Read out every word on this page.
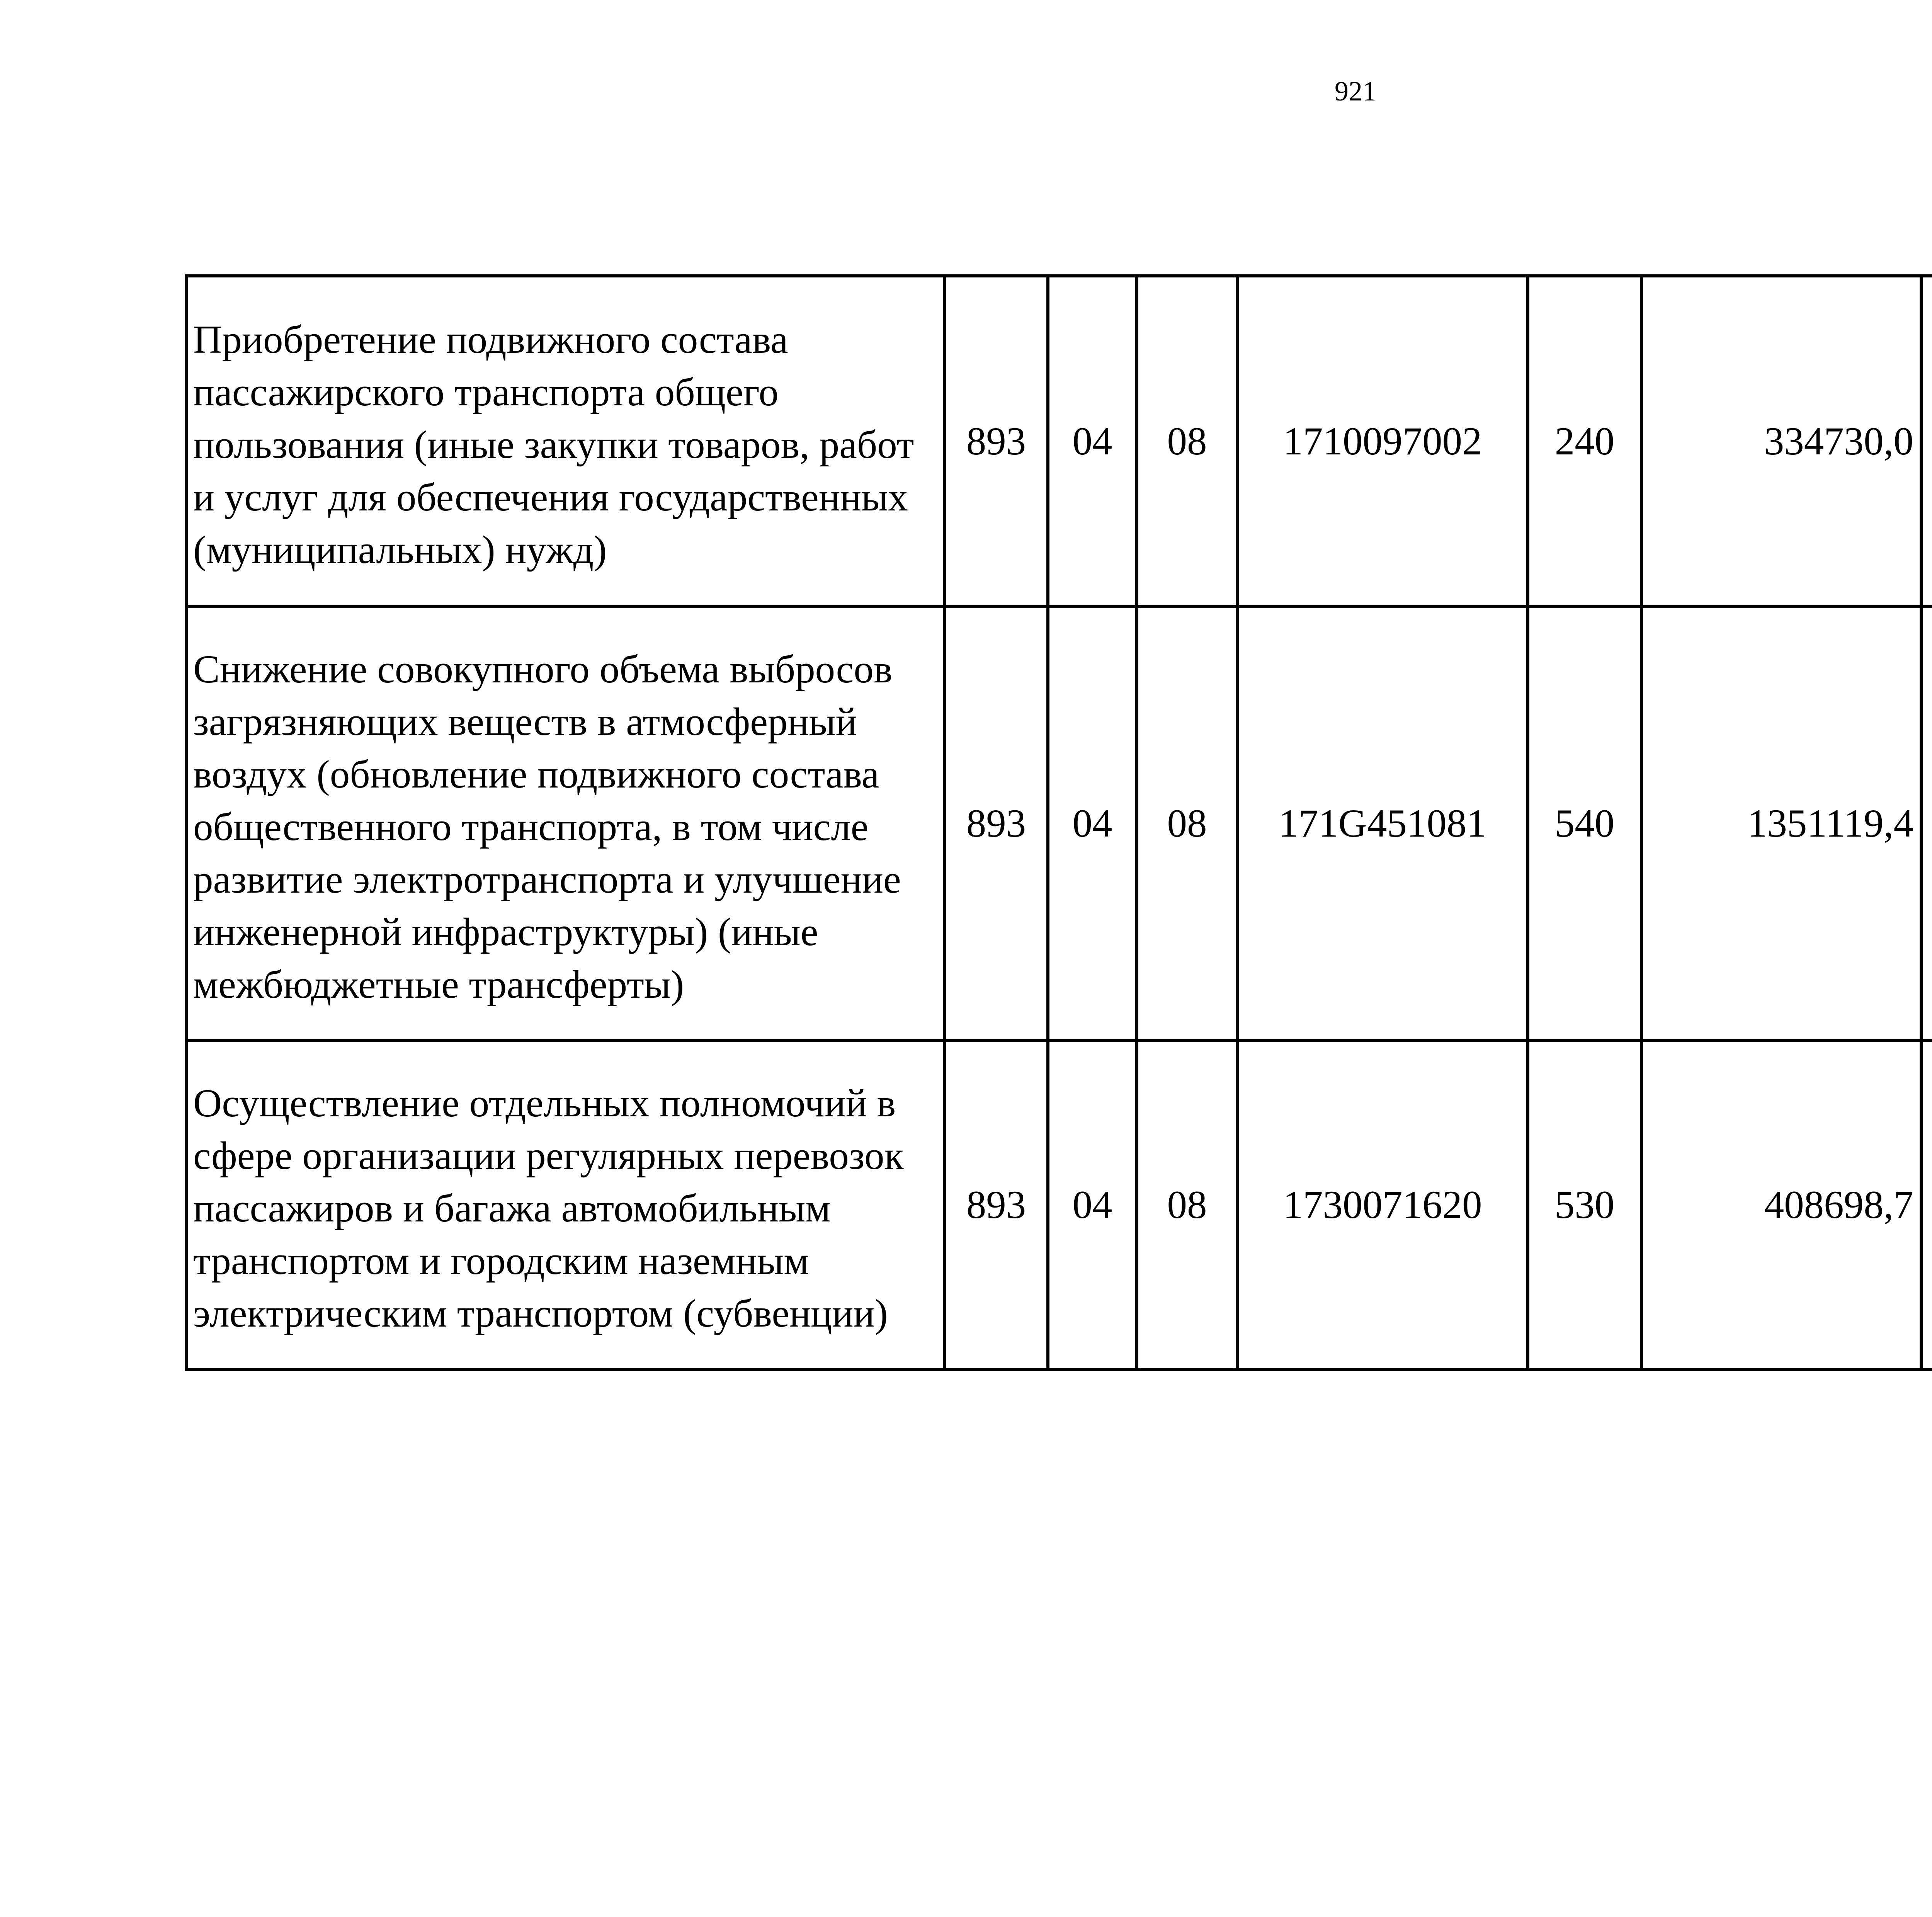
921
Приобретение подвижного состава пассажирского транспорта общего пользования (иные закупки товаров, работ и услуг для обеспечения государственных (муниципальных) нужд)	893	04	08	1710097002	240	334730,0		
Снижение совокупного объема выбросов загрязняющих веществ в атмосферный воздух (обновление подвижного состава общественного транспорта, в том числе развитие электротранспорта и улучшение инженерной инфраструктуры) (иные межбюджетные трансферты)	893	04	08	171G451081	540	1351119,4		
Осуществление отдельных полномочий в сфере организации регулярных перевозок пассажиров и багажа автомобильным транспортом и городским наземным электрическим транспортом (субвенции)	893	04	08	1730071620	530	408698,7		
